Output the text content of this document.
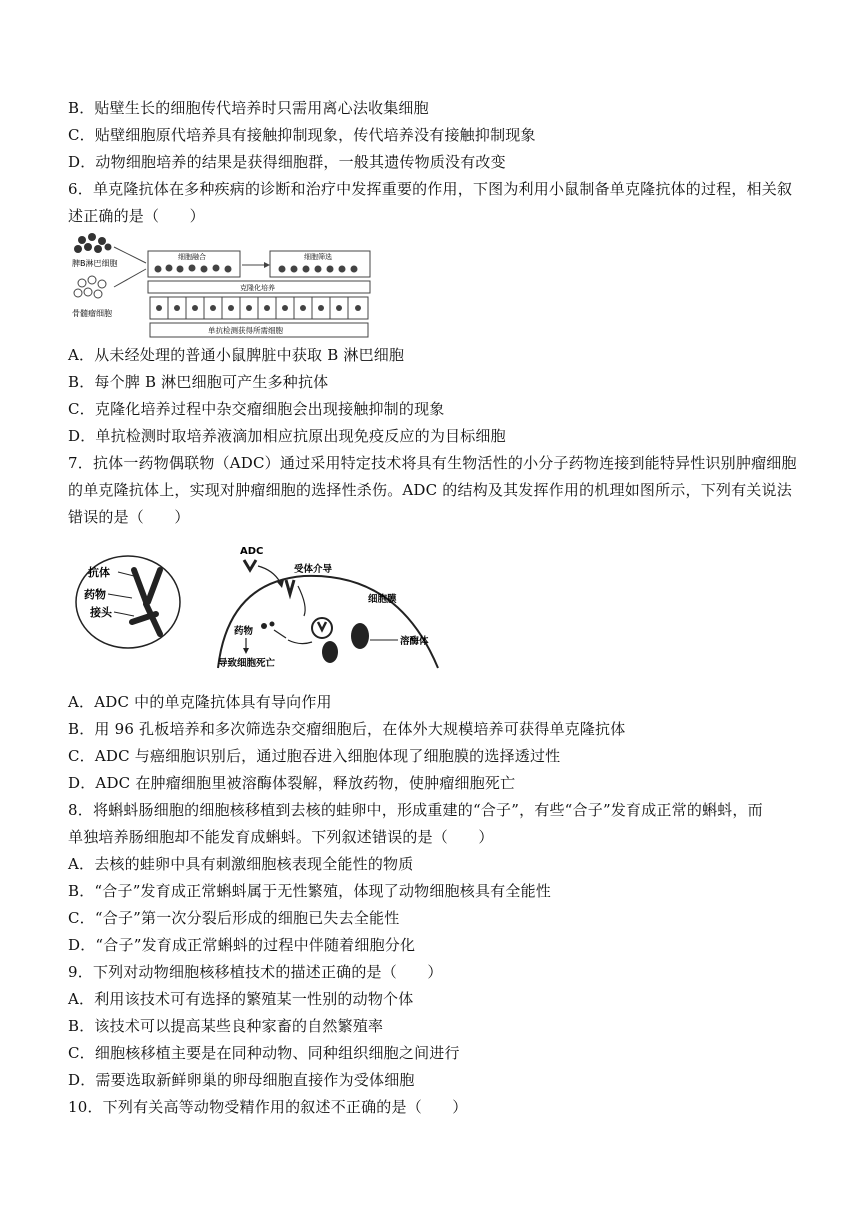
B．贴壁生长的细胞传代培养时只需用离心法收集细胞
C．贴壁细胞原代培养具有接触抑制现象，传代培养没有接触抑制现象
D．动物细胞培养的结果是获得细胞群，一般其遗传物质没有改变
6．单克隆抗体在多种疾病的诊断和治疗中发挥重要的作用，下图为利用小鼠制备单克隆抗体的过程，相关叙
述正确的是（　　）
脾B淋巴细胞
骨髓瘤细胞
细胞融合	细胞筛选
克隆化培养
单抗检测获得所需细胞
A．从未经处理的普通小鼠脾脏中获取 B 淋巴细胞
B．每个脾 B 淋巴细胞可产生多种抗体
C．克隆化培养过程中杂交瘤细胞会出现接触抑制的现象
D．单抗检测时取培养液滴加相应抗原出现免疫反应的为目标细胞
7．抗体一药物偶联物（ADC）通过采用特定技术将具有生物活性的小分子药物连接到能特异性识别肿瘤细胞
的单克隆抗体上，实现对肿瘤细胞的选择性杀伤。ADC 的结构及其发挥作用的机理如图所示，下列有关说法
错误的是（　　）
抗体
药物
接头
ADC
受体介导
细胞膜
溶酶体
药物
导致细胞死亡
A．ADC 中的单克隆抗体具有导向作用
B．用 96 孔板培养和多次筛选杂交瘤细胞后，在体外大规模培养可获得单克隆抗体
C．ADC 与癌细胞识别后，通过胞吞进入细胞体现了细胞膜的选择透过性
D．ADC 在肿瘤细胞里被溶酶体裂解，释放药物，使肿瘤细胞死亡
8．将蝌蚪肠细胞的细胞核移植到去核的蛙卵中，形成重建的“合子”，有些“合子”发育成正常的蝌蚪，而
单独培养肠细胞却不能发育成蝌蚪。下列叙述错误的是（　　）
A．去核的蛙卵中具有刺激细胞核表现全能性的物质
B．“合子”发育成正常蝌蚪属于无性繁殖，体现了动物细胞核具有全能性
C．“合子”第一次分裂后形成的细胞已失去全能性
D．“合子”发育成正常蝌蚪的过程中伴随着细胞分化
9．下列对动物细胞核移植技术的描述正确的是（　　）
A．利用该技术可有选择的繁殖某一性别的动物个体
B．该技术可以提高某些良种家畜的自然繁殖率
C．细胞核移植主要是在同种动物、同种组织细胞之间进行
D．需要选取新鲜卵巢的卵母细胞直接作为受体细胞
10．下列有关高等动物受精作用的叙述不正确的是（　　）
